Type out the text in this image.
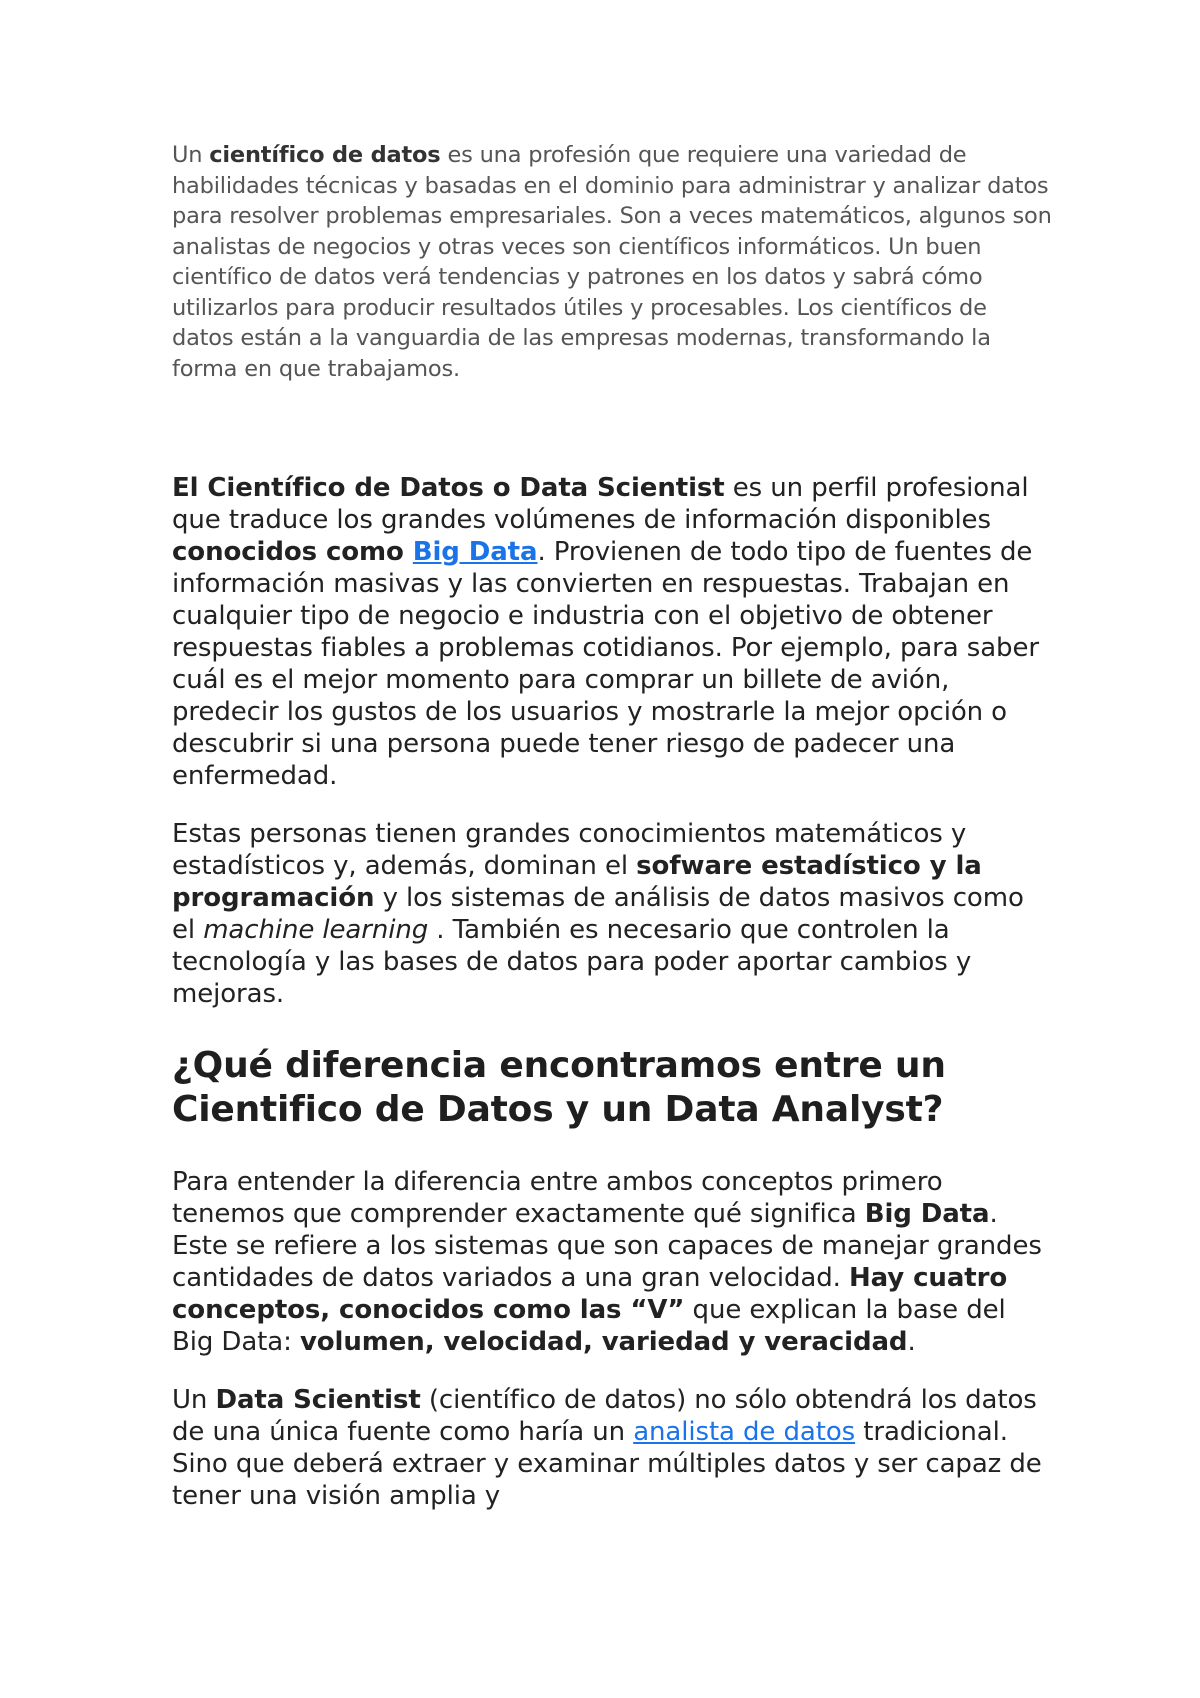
Un científico de datos es una profesión que requiere una variedad de habilidades técnicas y basadas en el dominio para administrar y analizar datos para resolver problemas empresariales. Son a veces matemáticos, algunos son analistas de negocios y otras veces son científicos informáticos. Un buen científico de datos verá tendencias y patrones en los datos y sabrá cómo utilizarlos para producir resultados útiles y procesables. Los científicos de datos están a la vanguardia de las empresas modernas, transformando la forma en que trabajamos.

El Científico de Datos o Data Scientist es un perfil profesional que traduce los grandes volúmenes de información disponibles conocidos como Big Data. Provienen de todo tipo de fuentes de información masivas y las convierten en respuestas. Trabajan en cualquier tipo de negocio e industria con el objetivo de obtener respuestas fiables a problemas cotidianos. Por ejemplo, para saber cuál es el mejor momento para comprar un billete de avión, predecir los gustos de los usuarios y mostrarle la mejor opción o descubrir si una persona puede tener riesgo de padecer una enfermedad.

Estas personas tienen grandes conocimientos matemáticos y estadísticos y, además, dominan el sofware estadístico y la programación y los sistemas de análisis de datos masivos como el machine learning . También es necesario que controlen la tecnología y las bases de datos para poder aportar cambios y mejoras.

¿Qué diferencia encontramos entre un Cientifico de Datos y un Data Analyst?

Para entender la diferencia entre ambos conceptos primero tenemos que comprender exactamente qué significa Big Data. Este se refiere a los sistemas que son capaces de manejar grandes cantidades de datos variados a una gran velocidad. Hay cuatro conceptos, conocidos como las “V” que explican la base del Big Data: volumen, velocidad, variedad y veracidad.

Un Data Scientist (científico de datos) no sólo obtendrá los datos de una única fuente como haría un analista de datos tradicional. Sino que deberá extraer y examinar múltiples datos y ser capaz de tener una visión amplia y
